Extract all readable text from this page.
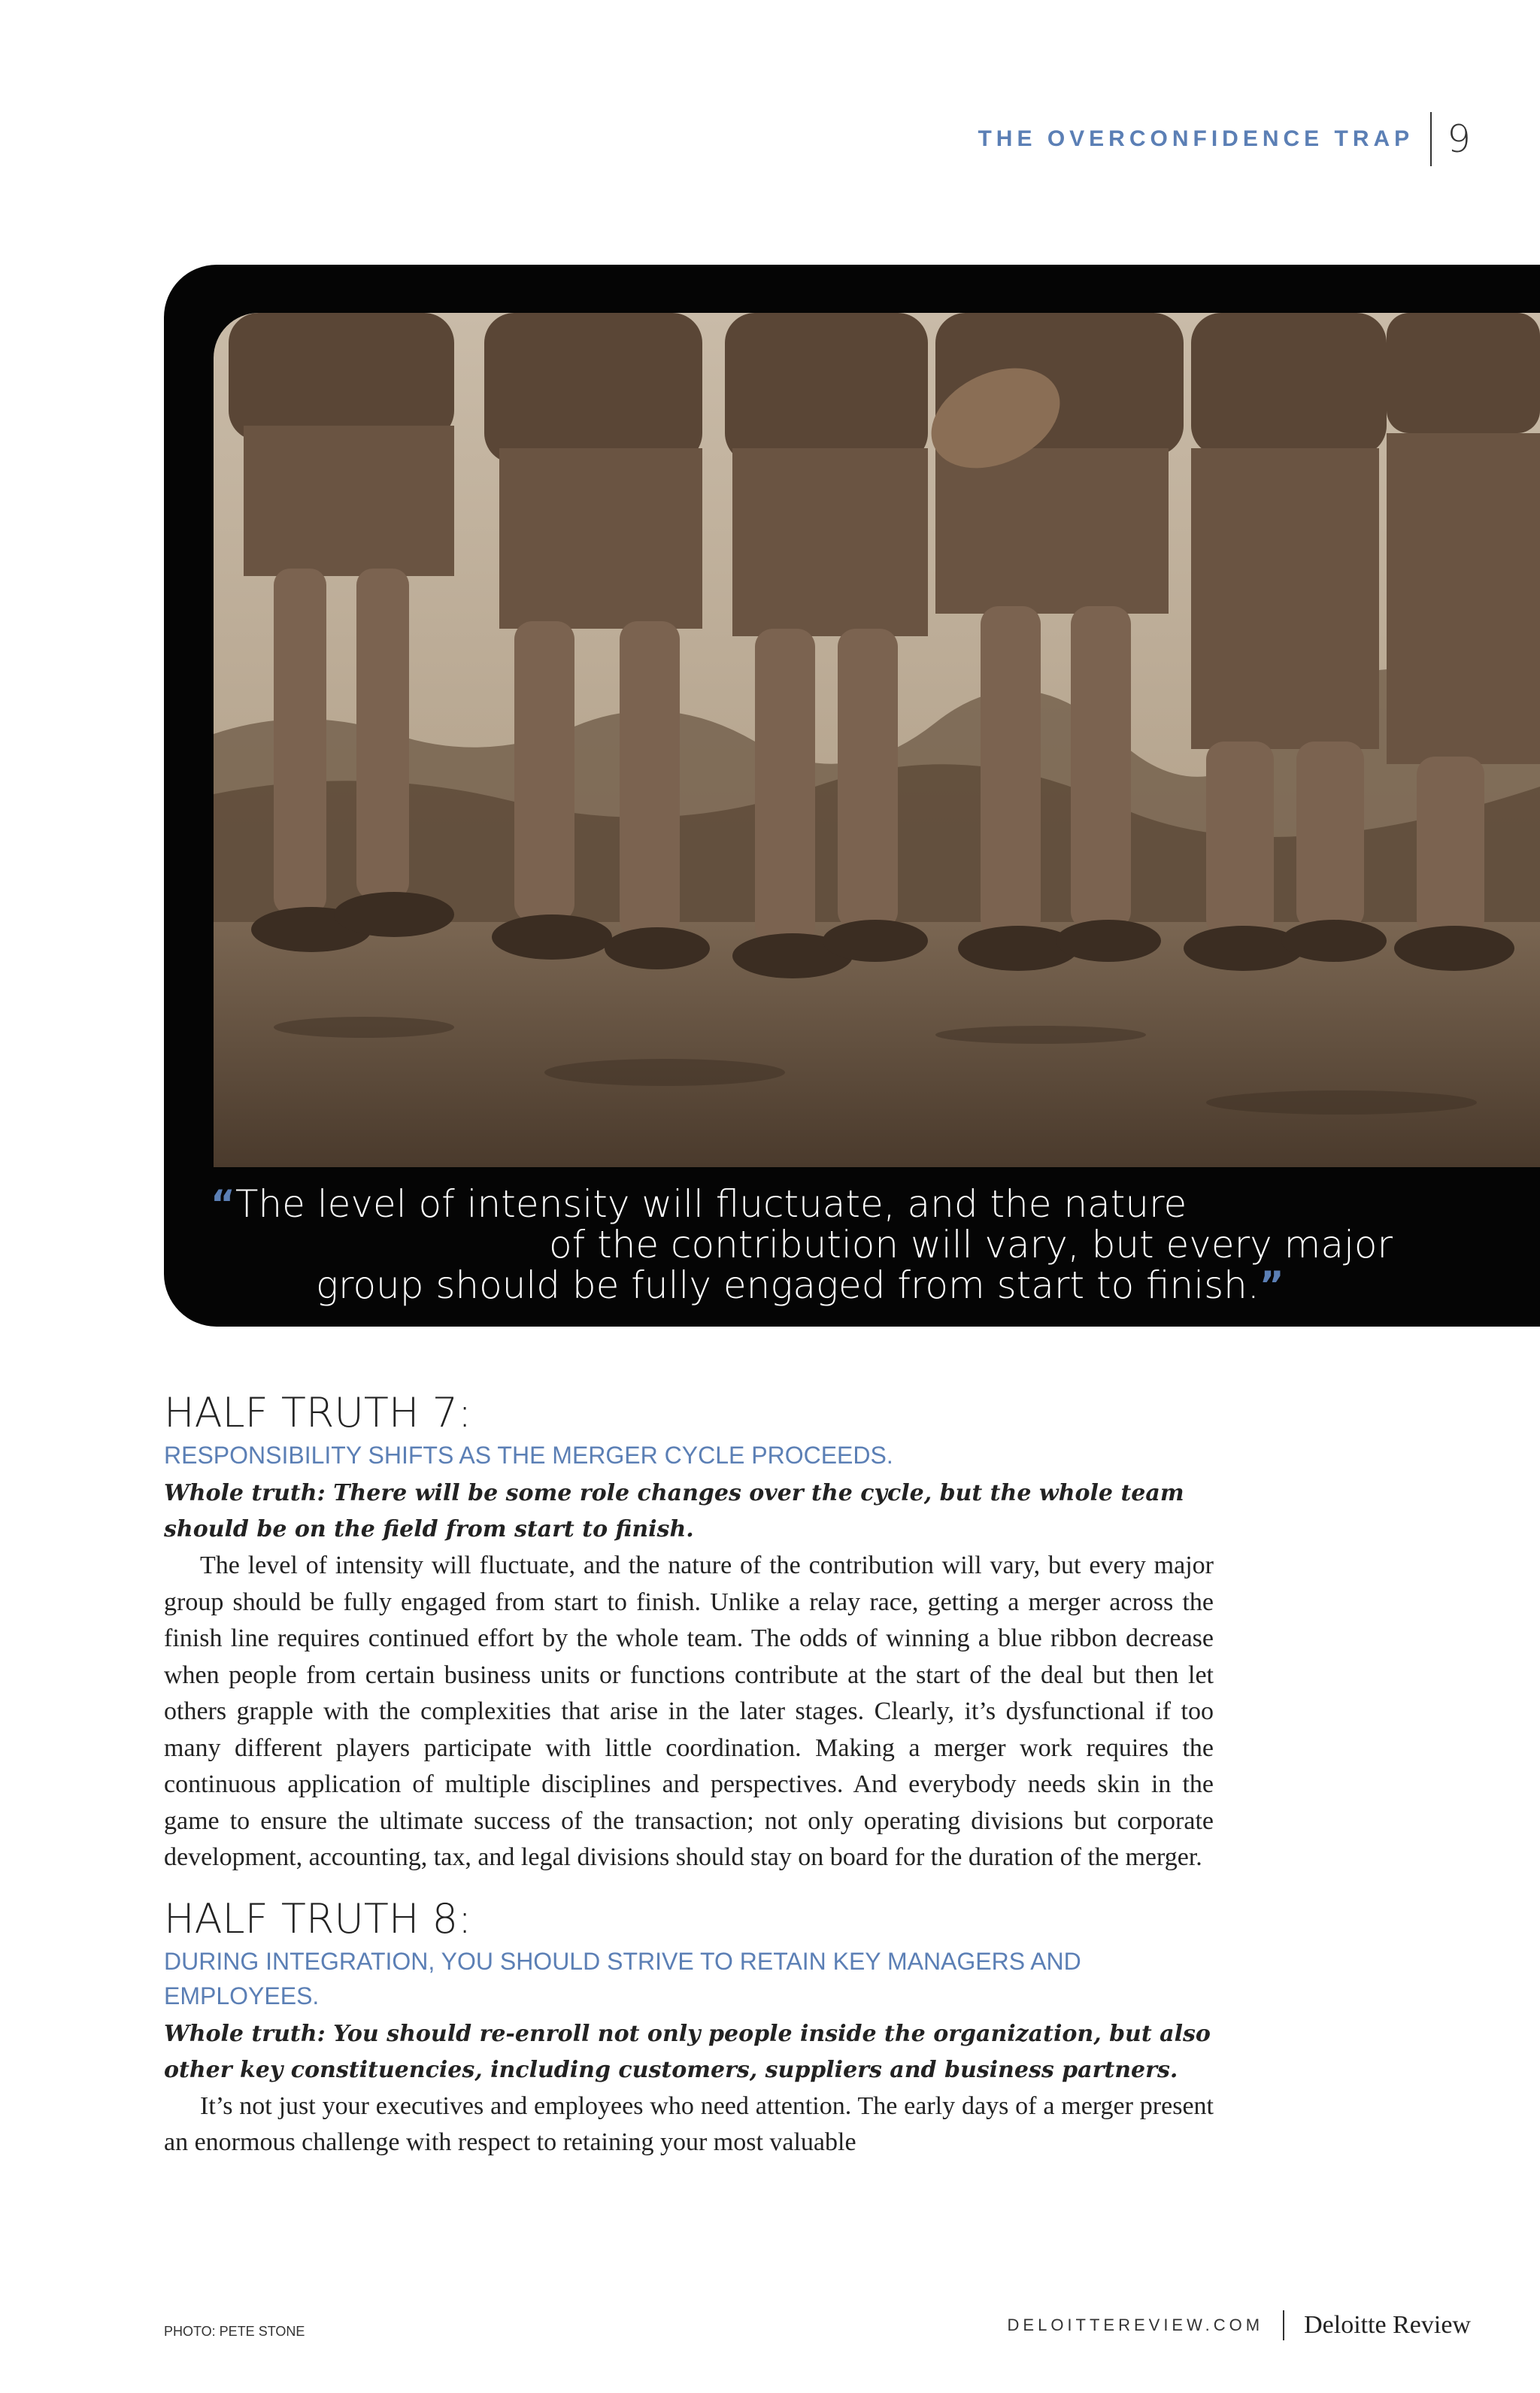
THE OVERCONFIDENCE TRAP 9
“The level of intensity will fluctuate, and the nature
of the contribution will vary, but every major
group should be fully engaged from start to finish.”
HALF TRUTH 7:
RESPONSIBILITY SHIFTS AS THE MERGER CYCLE PROCEEDS.

Whole truth: There will be some role changes over the cycle, but the whole team should be on the field from start to finish.

The level of intensity will fluctuate, and the nature of the contribution will vary, but every major group should be fully engaged from start to finish. Unlike a relay race, getting a merger across the finish line requires continued effort by the whole team. The odds of winning a blue ribbon decrease when people from certain business units or functions contribute at the start of the deal but then let others grapple with the complexities that arise in the later stages. Clearly, it’s dysfunctional if too many different players participate with little coordination. Making a merger work requires the continuous application of multiple disciplines and perspectives. And everybody needs skin in the game to ensure the ultimate success of the transaction; not only operating divisions but corporate development, accounting, tax, and legal divisions should stay on board for the duration of the merger.

HALF TRUTH 8:
DURING INTEGRATION, YOU SHOULD STRIVE TO RETAIN KEY MANAGERS AND EMPLOYEES.

Whole truth: You should re-enroll not only people inside the organization, but also other key constituencies, including customers, suppliers and business partners.

It’s not just your executives and employees who need attention. The early days of a merger present an enormous challenge with respect to retaining your most valuable

PHOTO: PETE STONE	DELOITTEREVIEW.COM	Deloitte Review
